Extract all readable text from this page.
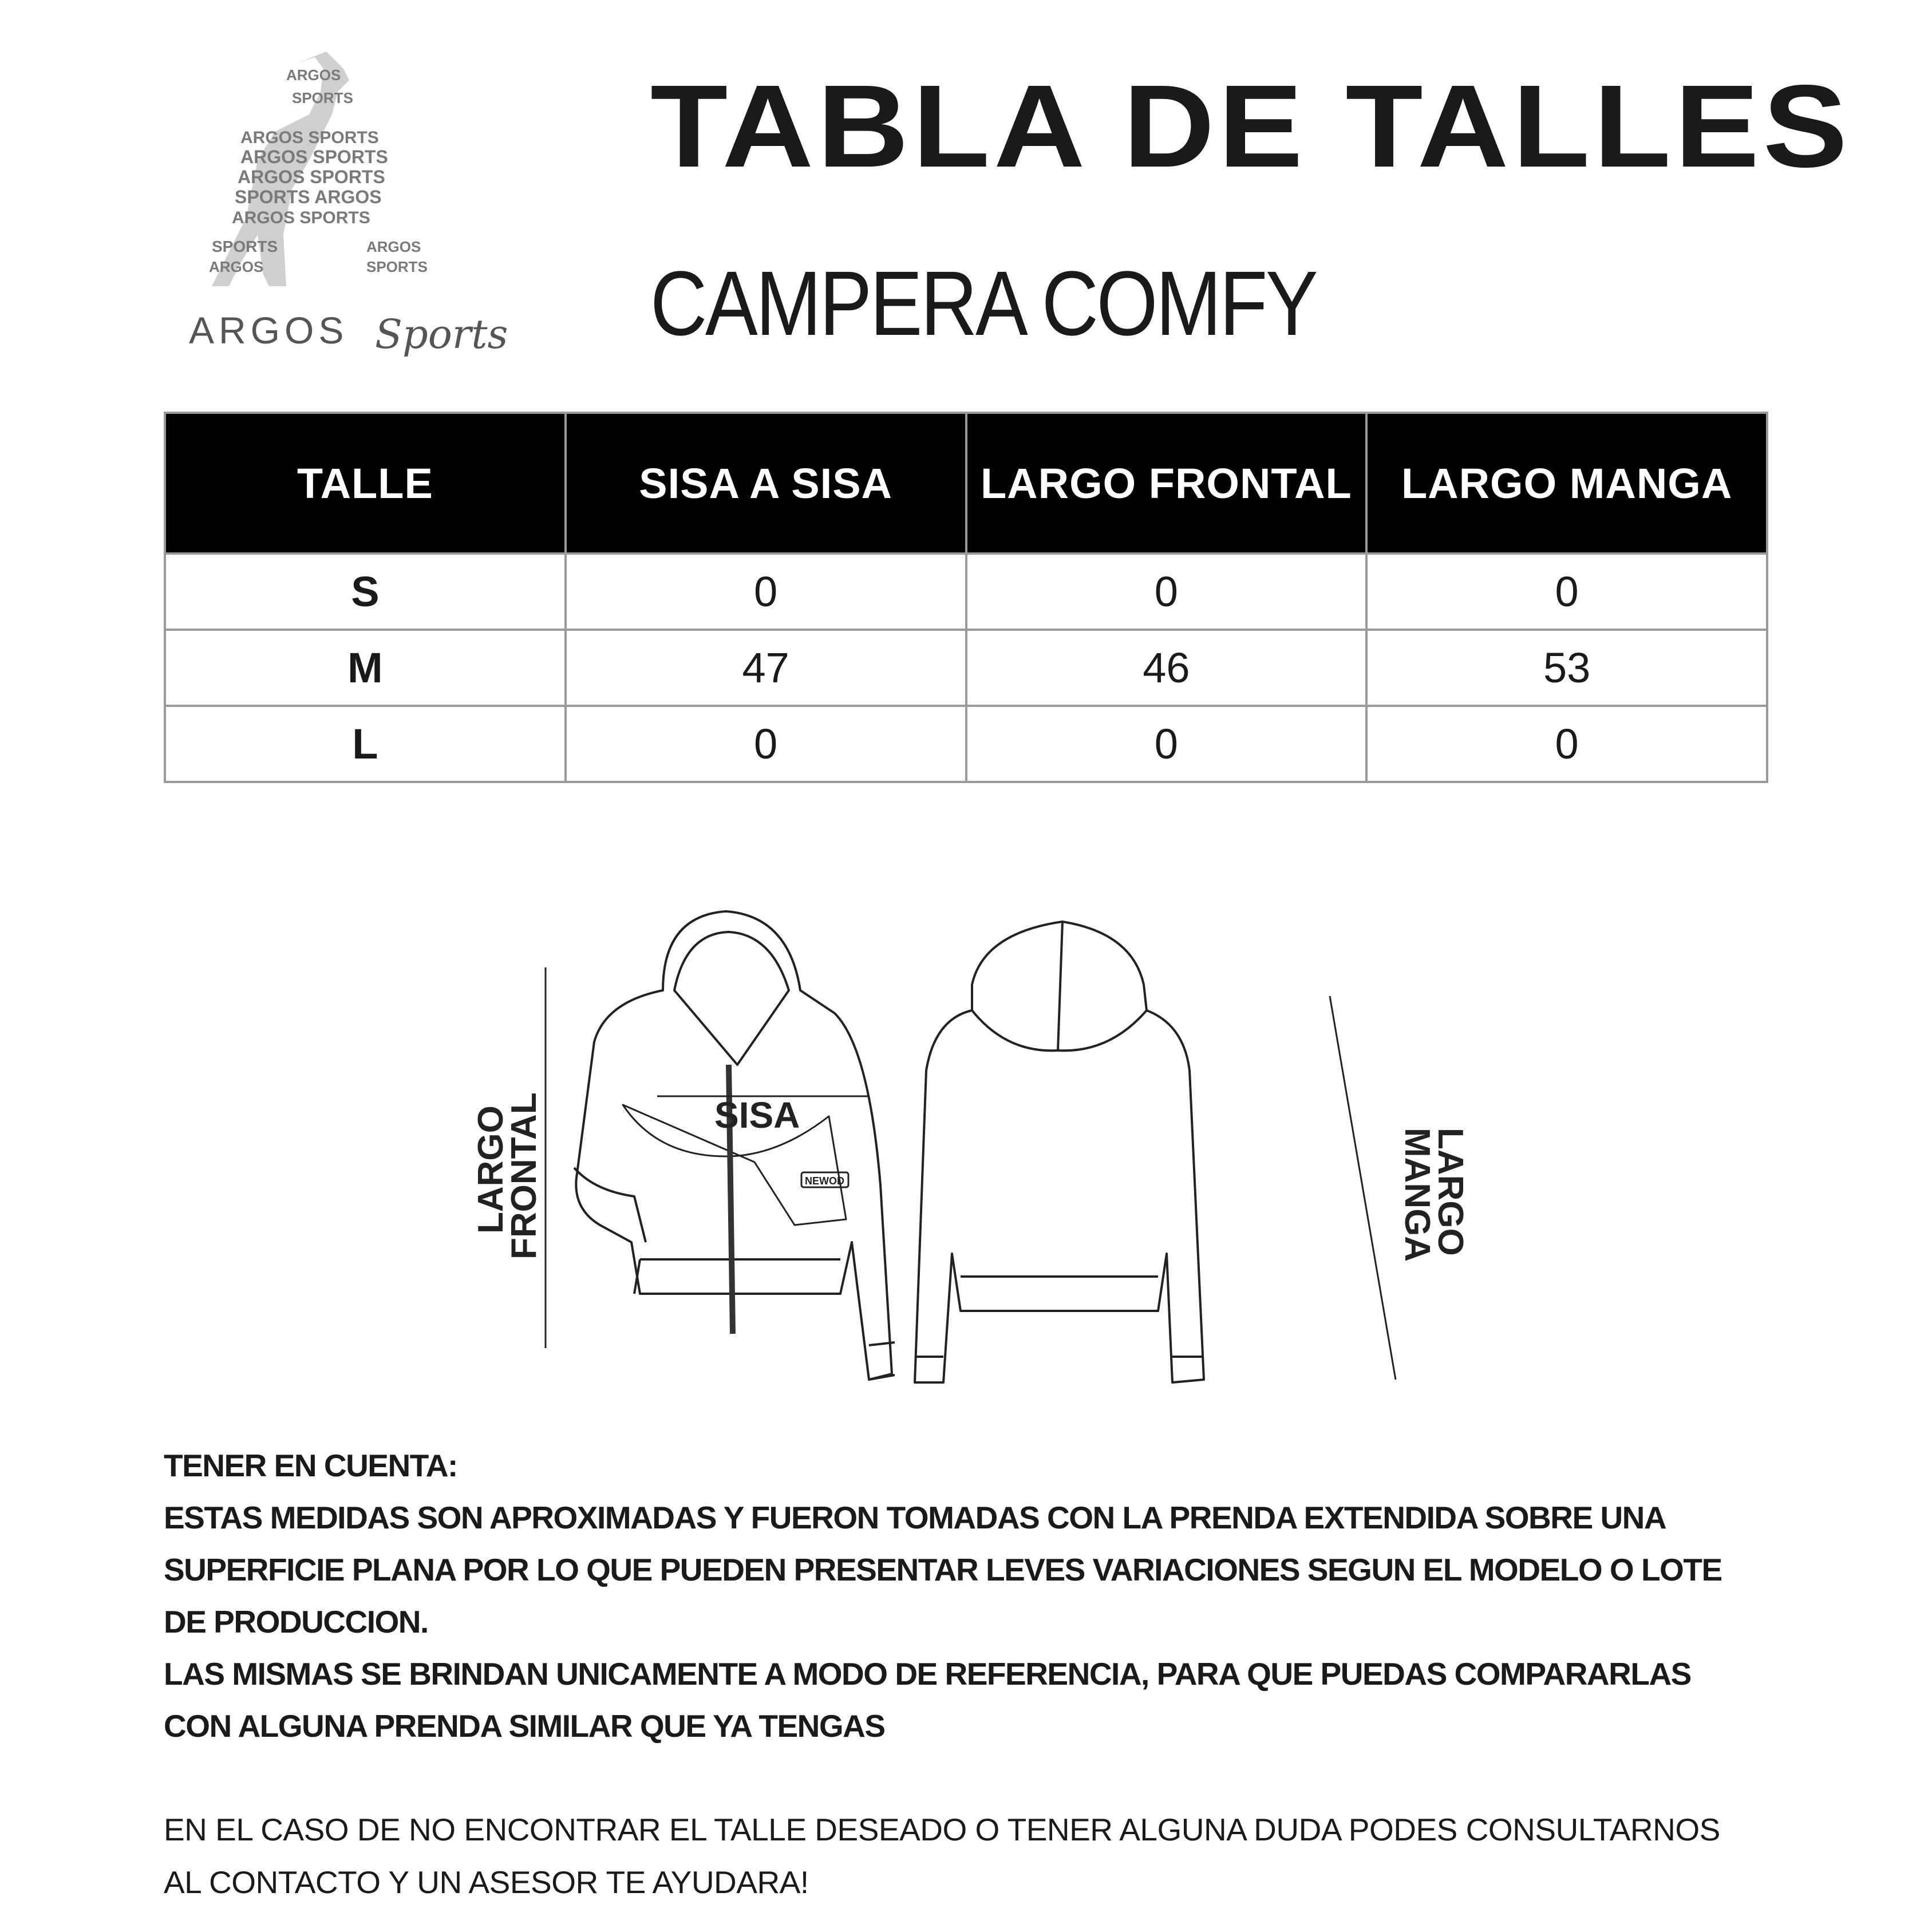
ARGOS SPORTS
ARGOS SPORTS
ARGOS SPORTS
SPORTS ARGOS
ARGOS SPORTS
SPORTS
ARGOS
ARGOS
SPORTS
ARGOS
SPORTS
ARGOS Sports
TABLA DE TALLES
CAMPERA COMFY
TALLE	SISA A SISA	LARGO FRONTAL	LARGO MANGA
S	0	0	0
M	47	46	53
L	0	0	0
NEWOD
SISA
LARGO
FRONTAL	LARGO
MANGA
TENER EN CUENTA:
ESTAS MEDIDAS SON APROXIMADAS Y FUERON TOMADAS CON LA PRENDA EXTENDIDA SOBRE UNA
SUPERFICIE PLANA POR LO QUE PUEDEN PRESENTAR LEVES VARIACIONES SEGUN EL MODELO O LOTE
DE PRODUCCION.
LAS MISMAS SE BRINDAN UNICAMENTE A MODO DE REFERENCIA, PARA QUE PUEDAS COMPARARLAS
CON ALGUNA PRENDA SIMILAR QUE YA TENGAS
EN EL CASO DE NO ENCONTRAR EL TALLE DESEADO O TENER ALGUNA DUDA PODES CONSULTARNOS
AL CONTACTO Y UN ASESOR TE AYUDARA!
